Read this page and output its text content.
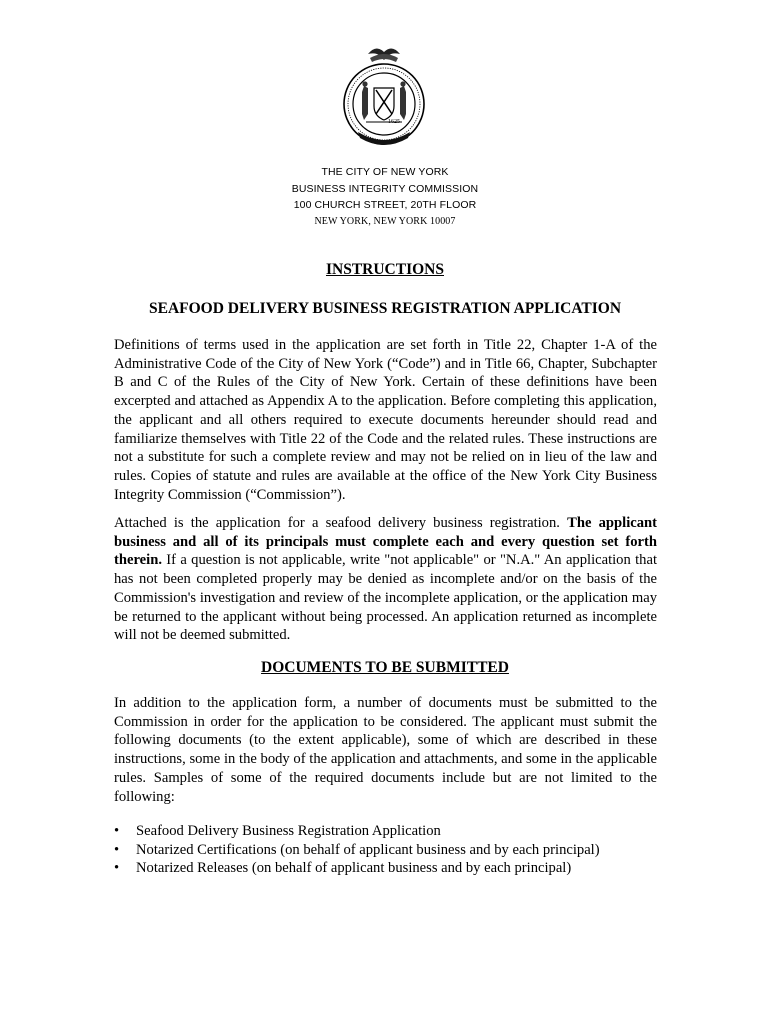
1625
THE CITY OF NEW YORK
BUSINESS INTEGRITY COMMISSION
100 CHURCH STREET, 20TH FLOOR
NEW YORK, NEW YORK 10007
INSTRUCTIONS
SEAFOOD DELIVERY BUSINESS REGISTRATION APPLICATION

Definitions of terms used in the application are set forth in Title 22, Chapter 1-A of the Administrative Code of the City of New York (“Code”) and in Title 66, Chapter, Subchapter B and C of the Rules of the City of New York. Certain of these definitions have been excerpted and attached as Appendix A to the application. Before completing this application, the applicant and all others required to execute documents hereunder should read and familiarize themselves with Title 22 of the Code and the related rules. These instructions are not a substitute for such a complete review and may not be relied on in lieu of the law and rules. Copies of statute and rules are available at the office of the New York City Business Integrity Commission (“Commission”).

Attached is the application for a seafood delivery business registration. The applicant business and all of its principals must complete each and every question set forth therein. If a question is not applicable, write "not applicable" or "N.A." An application that has not been completed properly may be denied as incomplete and/or on the basis of the Commission's investigation and review of the incomplete application, or the application may be returned to the applicant without being processed. An application returned as incomplete will not be deemed submitted.

DOCUMENTS TO BE SUBMITTED

In addition to the application form, a number of documents must be submitted to the Commission in order for the application to be considered. The applicant must submit the following documents (to the extent applicable), some of which are described in these instructions, some in the body of the application and attachments, and some in the applicable rules. Samples of some of the required documents include but are not limited to the following:

• Seafood Delivery Business Registration Application
• Notarized Certifications (on behalf of applicant business and by each principal)
• Notarized Releases (on behalf of applicant business and by each principal)
